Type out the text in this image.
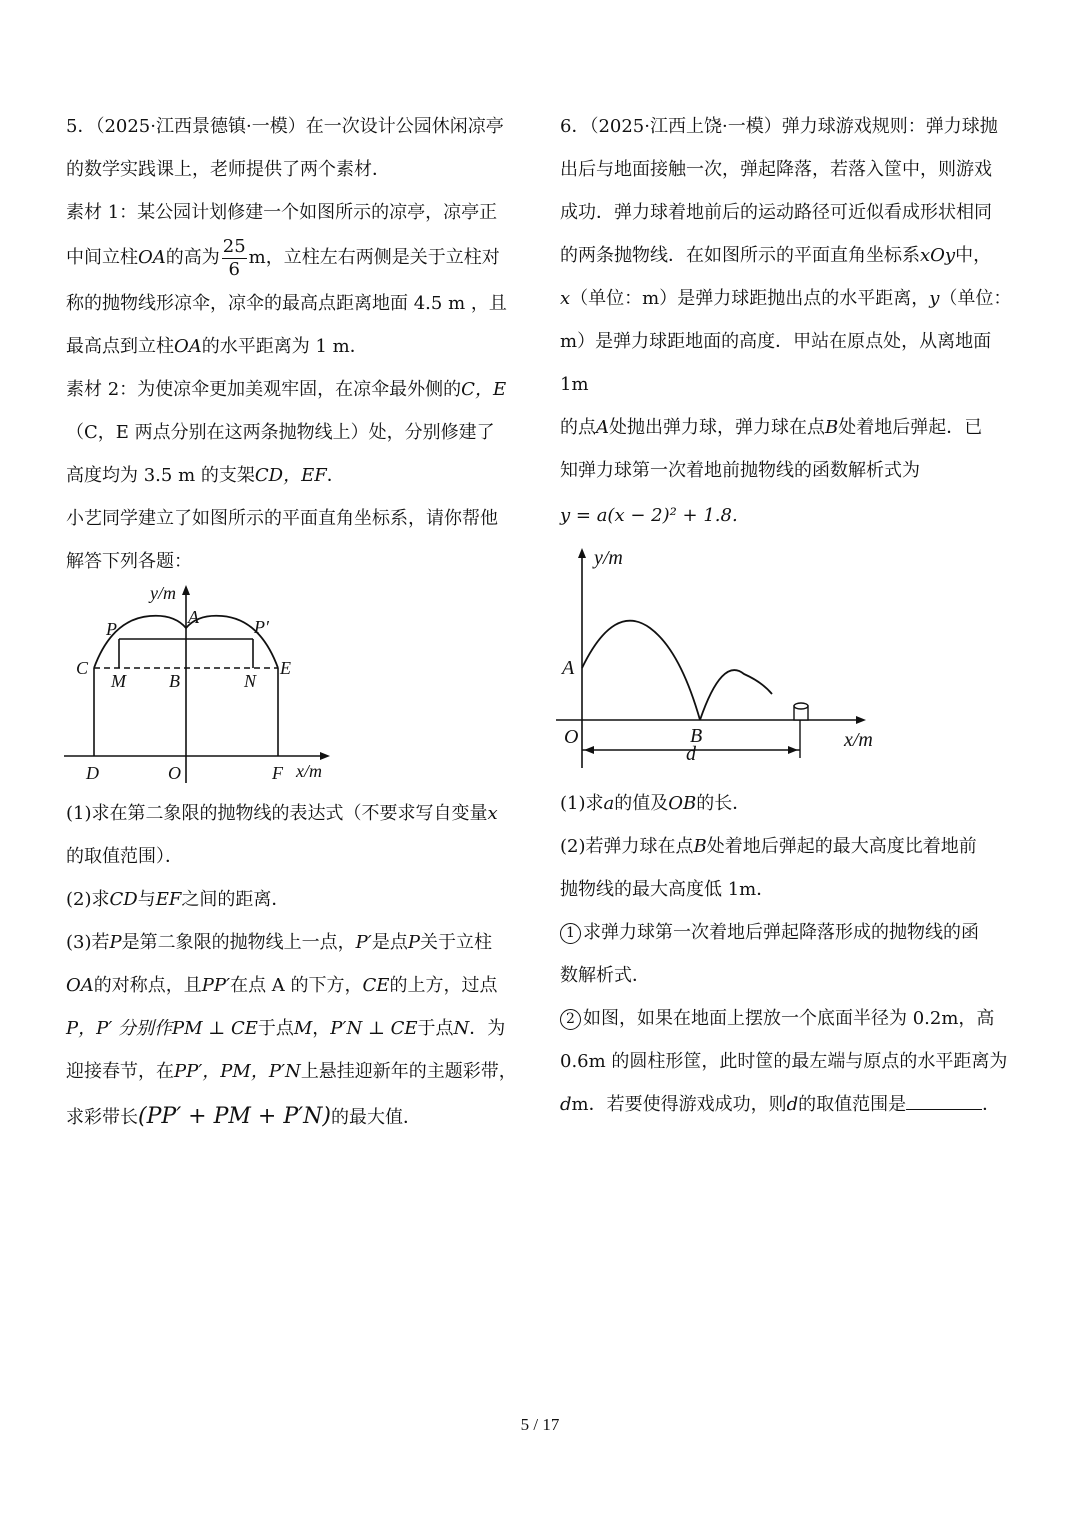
5．（2025·江西景德镇·一模）在一次设计公园休闲凉亭

的数学实践课上，老师提供了两个素材．

素材 1：某公园计划修建一个如图所示的凉亭，凉亭正

中间立柱OA的高为 $\frac{25}{6}$ m，立柱左右两侧是关于立柱对

称的抛物线形凉伞，凉伞的最高点距离地面 4.5 m ，且

最高点到立柱OA的水平距离为 1 m．

素材 2：为使凉伞更加美观牢固，在凉伞最外侧的C，E

（C，E 两点分别在这两条抛物线上）处，分别修建了

高度均为 3.5 m 的支架CD，EF．

小艺同学建立了如图所示的平面直角坐标系，请你帮他

解答下列各题：

y/m
A
P	P′
C	E
M B	N
D	O	F x/m

(1)求在第二象限的抛物线的表达式（不要求写自变量x

的取值范围）．

(2)求CD与EF之间的距离．

(3)若P是第二象限的抛物线上一点，P′是点P关于立柱

OA的对称点，且PP′在点 A 的下方，CE的上方，过点

P，P′ 分别作PM ⊥ CE于点M，P′N ⊥ CE于点N．为

迎接春节，在PP′，PM，P′N上悬挂迎新年的主题彩带，

求彩带长(PP′ + PM + P′N)的最大值．

6．（2025·江西上饶·一模）弹力球游戏规则：弹力球抛

出后与地面接触一次，弹起降落，若落入筐中，则游戏

成功．弹力球着地前后的运动路径可近似看成形状相同

的两条抛物线．在如图所示的平面直角坐标系xOy中，

x（单位：m）是弹力球距抛出点的水平距离，y（单位：

m）是弹力球距地面的高度．甲站在原点处，从离地面 1m

的点A处抛出弹力球，弹力球在点B处着地后弹起．已

知弹力球第一次着地前抛物线的函数解析式为

y = a(x − 2)² + 1.8.

y/m
A
O	B
d
x/m

(1)求a的值及OB的长．

(2)若弹力球在点B处着地后弹起的最大高度比着地前

抛物线的最大高度低 1m．

1 求弹力球第一次着地后弹起降落形成的抛物线的函

数解析式．

2 如图，如果在地面上摆放一个底面半径为 0.2m，高

0.6m 的圆柱形筐，此时筐的最左端与原点的水平距离为

dm．若要使得游戏成功，则d的取值范围是	．

5 / 17
